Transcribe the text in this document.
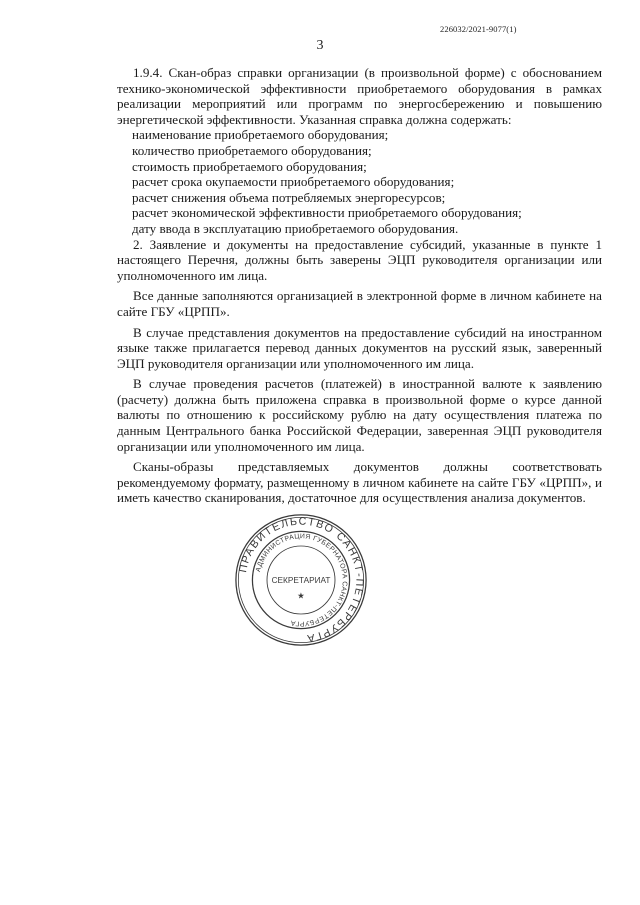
226032/2021-9077(1)
3

1.9.4. Скан-образ справки организации (в произвольной форме) с обоснованием технико-экономической эффективности приобретаемого оборудования в рамках реализации мероприятий или программ по энергосбережению и повышению энергетической эффективности. Указанная справка должна содержать:

наименование приобретаемого оборудования;
количество приобретаемого оборудования;
стоимость приобретаемого оборудования;
расчет срока окупаемости приобретаемого оборудования;
расчет снижения объема потребляемых энергоресурсов;
расчет экономической эффективности приобретаемого оборудования;
дату ввода в эксплуатацию приобретаемого оборудования.

2. Заявление и документы на предоставление субсидий, указанные в пункте 1 настоящего Перечня, должны быть заверены ЭЦП руководителя организации или уполномоченного им лица.

Все данные заполняются организацией в электронной форме в личном кабинете на сайте ГБУ «ЦРПП».

В случае представления документов на предоставление субсидий на иностранном языке также прилагается перевод данных документов на русский язык, заверенный ЭЦП руководителя организации или уполномоченного им лица.

В случае проведения расчетов (платежей) в иностранной валюте к заявлению (расчету) должна быть приложена справка в произвольной форме о курсе данной валюты по отношению к российскому рублю на дату осуществления платежа по данным Центрального банка Российской Федерации, заверенная ЭЦП руководителя организации или уполномоченного им лица.

Сканы-образы представляемых документов должны соответствовать рекомендуемому формату, размещенному в личном кабинете на сайте ГБУ «ЦРПП», и иметь качество сканирования, достаточное для осуществления анализа документов.

ПРАВИТЕЛЬСТВО САНКТ-ПЕТЕРБУРГА
АДМИНИСТРАЦИЯ ГУБЕРНАТОРА САНКТ-ПЕТЕРБУРГА
СЕКРЕТАРИАТ
★
